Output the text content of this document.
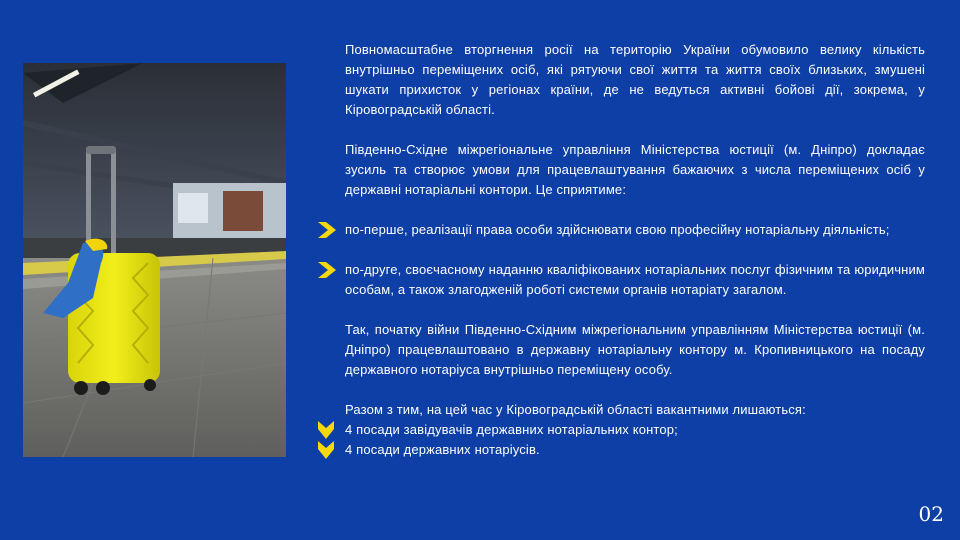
Повномасштабне вторгнення росії на територію України обумовило велику кількість внутрішньо переміщених осіб, які рятуючи свої життя та життя своїх близьких, змушені шукати прихисток у регіонах країни, де не ведуться активні бойові дії, зокрема, у Кіровоградській області.

Південно-Східне міжрегіональне управління Міністерства юстиції (м. Дніпро) докладає зусиль та створює умови для працевлаштування бажаючих з числа переміщених осіб у державні нотаріальні контори. Це сприятиме:

по-перше, реалізації права особи здійснювати свою професійну нотаріальну діяльність;

по-друге, своєчасному наданню кваліфікованих нотаріальних послуг фізичним та юридичним особам, а також злагодженій роботі системи органів нотаріату загалом.

Так, початку війни Південно-Східним міжрегіональним управлінням Міністерства юстиції (м. Дніпро) працевлаштовано в державну нотаріальну контору м. Кропивницького на посаду державного нотаріуса внутрішньо переміщену особу.

Разом з тим, на цей час у Кіровоградській області вакантними лишаються:

4 посади завідувачів державних нотаріальних контор;

4 посади державних нотаріусів.

02
